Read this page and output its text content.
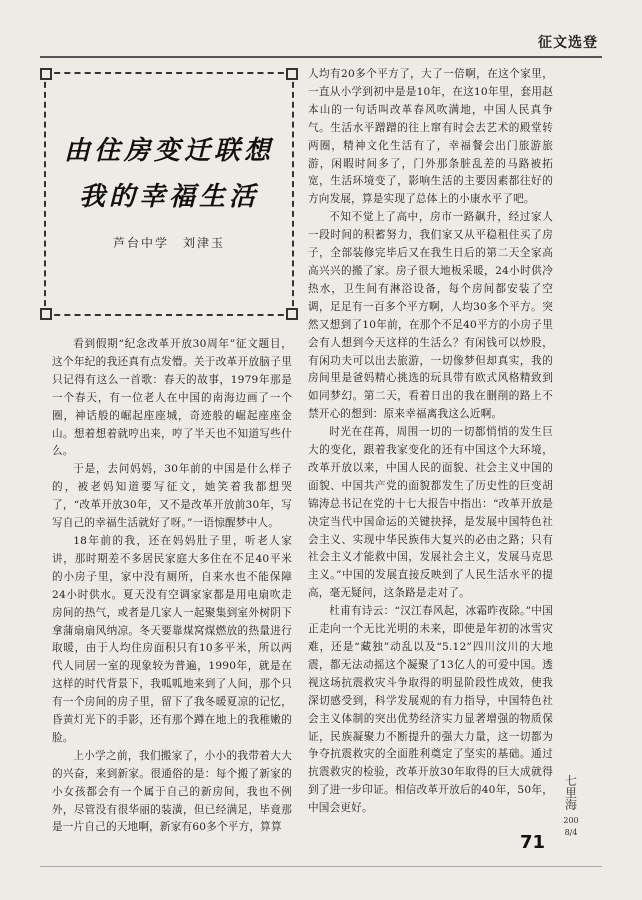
征文选登
由住房变迁联想
我的幸福生活
芦台中学　刘津玉

看到假期“纪念改革开放30周年”征文题目，这个年纪的我还真有点发懵。关于改革开放脑子里只记得有这么一首歌：春天的故事，1979年那是一个春天，有一位老人在中国的南海边画了一个圈，神话般的崛起座座城，奇迹般的崛起座座金山。想着想着就哼出来，哼了半天也不知道写些什么。

于是，去问妈妈，30年前的中国是什么样子的，被老妈知道要写征文，她笑着我都想哭了，“改革开放30年，又不是改革开放前30年，写写自己的幸福生活就好了呀。”一语惊醒梦中人。

18年前的我，还在妈妈肚子里，听老人家讲，那时期差不多居民家庭大多住在不足40平米的小房子里，家中没有厕所，自来水也不能保障24小时供水。夏天没有空调家家都是用电扇吹走房间的热气，或者是几家人一起聚集到室外树阴下拿蒲扇扇风纳凉。冬天要靠煤窝煤燃放的热量进行取暖，由于人均住房面积只有10多平米，所以两代人同居一室的现象较为普遍，1990年，就是在这样的时代背景下，我呱呱地来到了人间，那个只有一个房间的房子里，留下了我冬暖夏凉的记忆，昏黄灯光下的手影，还有那个蹲在地上的我稚嫩的脸。

上小学之前，我们搬家了，小小的我带着大大的兴奋，来到新家。很通俗的是：每个搬了新家的小女孩都会有一个属于自己的新房间，我也不例外，尽管没有很华丽的装潢，但已经满足，毕竟那是一片自己的天地啊，新家有60多个平方，算算

人均有20多个平方了，大了一倍啊，在这个家里，一直从小学到初中是是10年，在这10年里，套用赵本山的一句话叫改革春风吹满地，中国人民真争气。生活水平蹭蹭的往上窜有时会去艺术的殿堂转两圈，精神文化生活有了，幸福餐会出门旅游旅游，闲暇时间多了，门外那条脏乱差的马路被拓宽，生活环境变了，影响生活的主要因素都往好的方向发展，算是实现了总体上的小康水平了吧。

不知不觉上了高中，房市一路飙升，经过家人一段时间的积蓄努力，我们家又从平稳租住买了房子，全部装修完毕后又在我生日后的第二天全家高高兴兴的搬了家。房子很大地板采暖，24小时供冷热水，卫生间有淋浴设备，每个房间都安装了空调，足足有一百多个平方啊，人均30多个平方。突然又想到了10年前，在那个不足40平方的小房子里会有人想到今天这样的生活么？有闲钱可以炒股，有闲功夫可以出去旅游，一切像梦但却真实，我的房间里是爸妈精心挑选的玩具带有欧式风格精致到如同梦幻。第二天，看着日出的我在删削的路上不禁开心的想到：原来幸福离我这么近啊。

时光在荏苒，周围一切的一切都悄悄的发生巨大的变化，跟着我家变化的还有中国这个大环境，改革开放以来，中国人民的面貌、社会主义中国的面貌、中国共产党的面貌都发生了历史性的巨变胡锦涛总书记在党的十七大报告中指出：“改革开放是决定当代中国命运的关键抉择，是发展中国特色社会主义、实现中华民族伟大复兴的必由之路；只有社会主义才能救中国，发展社会主义，发展马克思主义。”中国的发展直接反映到了人民生活水平的提高，毫无疑问，这条路是走对了。

杜甫有诗云：“汉江春风起，冰霜昨夜除。”中国正走向一个无比光明的未来，即使是年初的冰雪灾难，还是“藏独”动乱以及“5.12”四川汶川的大地震，都无法动摇这个凝聚了13亿人的可爱中国。透视这场抗震救灾斗争取得的明显阶段性成效，使我深切感受到，科学发展观的有力指导，中国特色社会主义体制的突出优势经济实力显著增强的物质保证，民族凝聚力不断提升的强大力量，这一切都为争夺抗震救灾的全面胜利奠定了坚实的基础。通过抗震救灾的检验，改革开放30年取得的巨大成就得到了进一步印证。相信改革开放后的40年，50年，中国会更好。

七里海
2008/4
71
